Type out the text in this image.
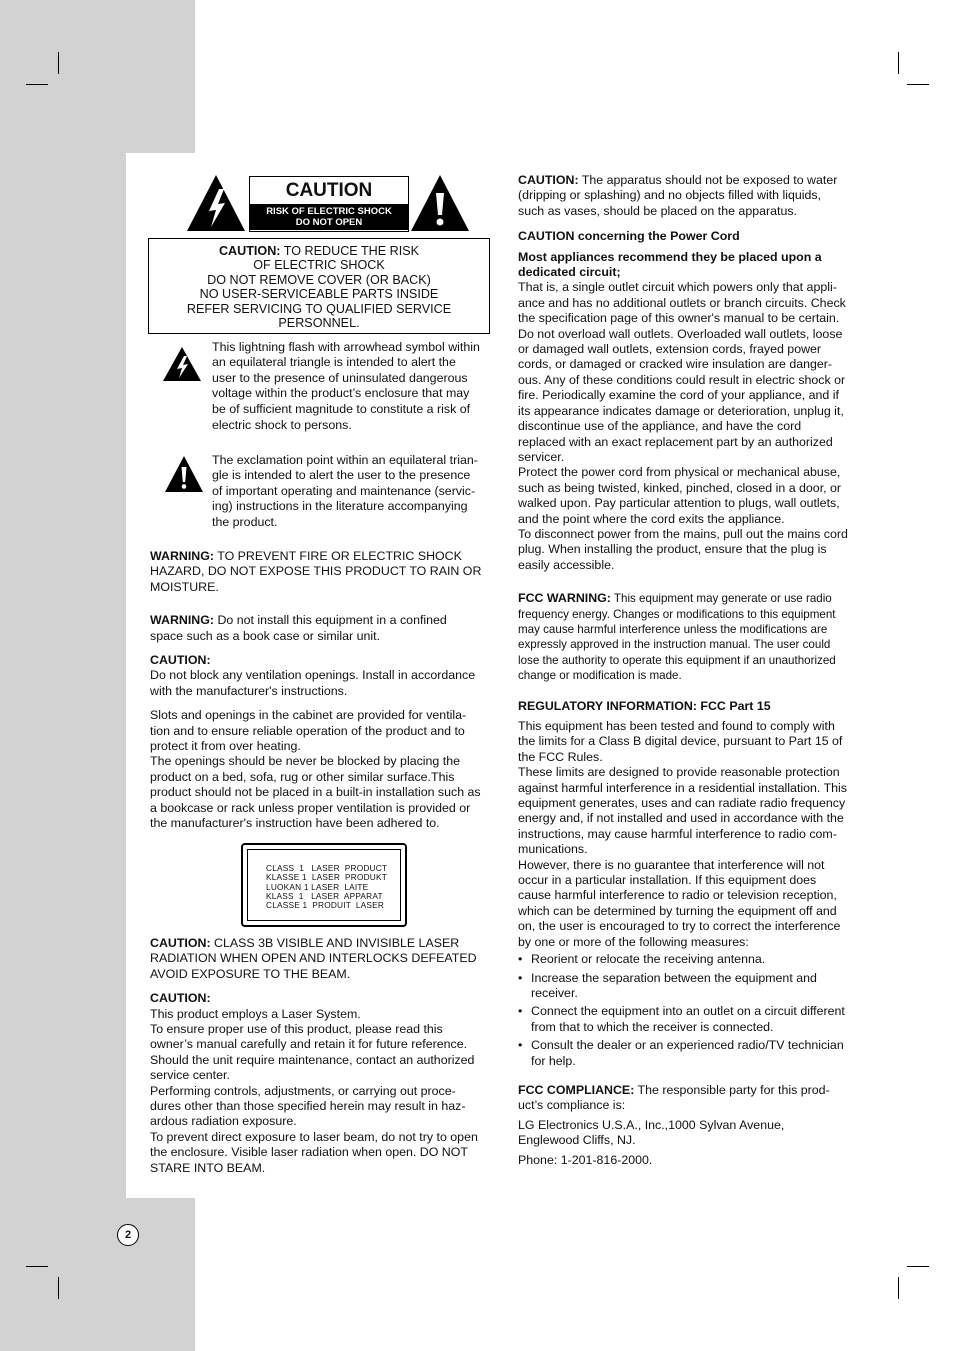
CAUTION
RISK OF ELECTRIC SHOCK
DO NOT OPEN
CAUTION: TO REDUCE THE RISK
OF ELECTRIC SHOCK
DO NOT REMOVE COVER (OR BACK)
NO USER-SERVICEABLE PARTS INSIDE
REFER SERVICING TO QUALIFIED SERVICE
PERSONNEL.
This lightning flash with arrowhead symbol within
an equilateral triangle is intended to alert the
user to the presence of uninsulated dangerous
voltage within the product’s enclosure that may
be of sufficient magnitude to constitute a risk of
electric shock to persons.
The exclamation point within an equilateral trian-
gle is intended to alert the user to the presence
of important operating and maintenance (servic-
ing) instructions in the literature accompanying
the product.

WARNING: TO PREVENT FIRE OR ELECTRIC SHOCK
HAZARD, DO NOT EXPOSE THIS PRODUCT TO RAIN OR
MOISTURE.

WARNING: Do not install this equipment in a confined
space such as a book case or similar unit.

CAUTION:
Do not block any ventilation openings. Install in accordance
with the manufacturer's instructions.

Slots and openings in the cabinet are provided for ventila-
tion and to ensure reliable operation of the product and to
protect it from over heating.
The openings should be never be blocked by placing the
product on a bed, sofa, rug or other similar surface.This
product should not be placed in a built-in installation such as
a bookcase or rack unless proper ventilation is provided or
the manufacturer's instruction have been adhered to.

CLASS  1   LASER  PRODUCT
KLASSE 1  LASER  PRODUKT
LUOKAN 1 LASER  LAITE
KLASS  1   LASER  APPARAT
CLASSE 1  PRODUIT  LASER

CAUTION: CLASS 3B VISIBLE AND INVISIBLE LASER
RADIATION WHEN OPEN AND INTERLOCKS DEFEATED
AVOID EXPOSURE TO THE BEAM.

CAUTION:
This product employs a Laser System.
To ensure proper use of this product, please read this
owner’s manual carefully and retain it for future reference.
Should the unit require maintenance, contact an authorized
service center.
Performing controls, adjustments, or carrying out proce-
dures other than those specified herein may result in haz-
ardous radiation exposure.
To prevent direct exposure to laser beam, do not try to open
the enclosure. Visible laser radiation when open. DO NOT
STARE INTO BEAM.

CAUTION: The apparatus should not be exposed to water
(dripping or splashing) and no objects filled with liquids,
such as vases, should be placed on the apparatus.

CAUTION concerning the Power Cord

Most appliances recommend they be placed upon a
dedicated circuit;

That is, a single outlet circuit which powers only that appli-
ance and has no additional outlets or branch circuits. Check
the specification page of this owner's manual to be certain.
Do not overload wall outlets. Overloaded wall outlets, loose
or damaged wall outlets, extension cords, frayed power
cords, or damaged or cracked wire insulation are danger-
ous. Any of these conditions could result in electric shock or
fire. Periodically examine the cord of your appliance, and if
its appearance indicates damage or deterioration, unplug it,
discontinue use of the appliance, and have the cord
replaced with an exact replacement part by an authorized
servicer.
Protect the power cord from physical or mechanical abuse,
such as being twisted, kinked, pinched, closed in a door, or
walked upon. Pay particular attention to plugs, wall outlets,
and the point where the cord exits the appliance.
To disconnect power from the mains, pull out the mains cord
plug. When installing the product, ensure that the plug is
easily accessible.

FCC WARNING: This equipment may generate or use radio
frequency energy. Changes or modifications to this equipment
may cause harmful interference unless the modifications are
expressly approved in the instruction manual. The user could
lose the authority to operate this equipment if an unauthorized
change or modification is made.

REGULATORY INFORMATION: FCC Part 15

This equipment has been tested and found to comply with
the limits for a Class B digital device, pursuant to Part 15 of
the FCC Rules.
These limits are designed to provide reasonable protection
against harmful interference in a residential installation. This
equipment generates, uses and can radiate radio frequency
energy and, if not installed and used in accordance with the
instructions, may cause harmful interference to radio com-
munications.
However, there is no guarantee that interference will not
occur in a particular installation. If this equipment does
cause harmful interference to radio or television reception,
which can be determined by turning the equipment off and
on, the user is encouraged to try to correct the interference
by one or more of the following measures:

• Reorient or relocate the receiving antenna.
• Increase the separation between the equipment and
receiver.
• Connect the equipment into an outlet on a circuit different
from that to which the receiver is connected.
• Consult the dealer or an experienced radio/TV technician
for help.

FCC COMPLIANCE: The responsible party for this prod-
uct’s compliance is:

LG Electronics U.S.A., Inc.,1000 Sylvan Avenue,
Englewood Cliffs, NJ.

Phone: 1-201-816-2000.

2
